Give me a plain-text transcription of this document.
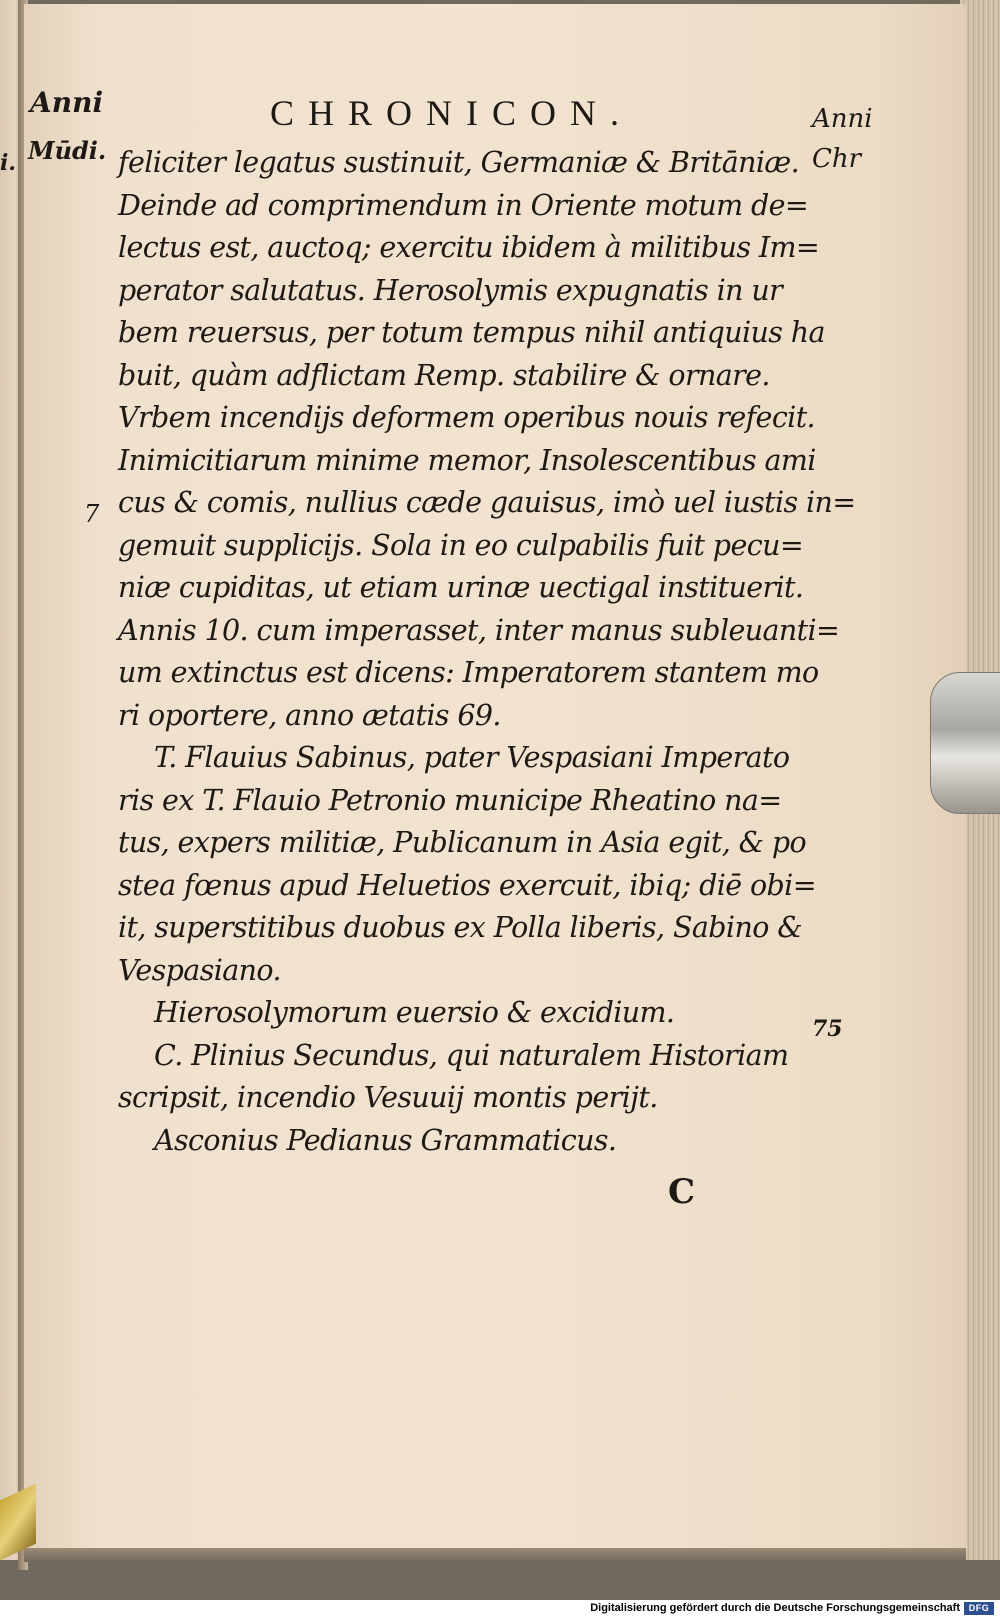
Anni
Mūdi.
i.
7
Anni
Chr
75
CHRONICON.
feliciter legatus sustinuit, Germaniæ & Britāniæ.
Deinde ad comprimendum in Oriente motum de=
lectus est, auctoq; exercitu ibidem à militibus Im=
perator salutatus. Herosolymis expugnatis in ur
bem reuersus, per totum tempus nihil antiquius ha
buit, quàm adflictam Remp. stabilire & ornare.
Vrbem incendijs deformem operibus nouis refecit.
Inimicitiarum minime memor, Insolescentibus ami
cus & comis, nullius cæde gauisus, imò uel iustis in=
gemuit supplicijs. Sola in eo culpabilis fuit pecu=
niæ cupiditas, ut etiam urinæ uectigal instituerit.
Annis 10. cum imperasset, inter manus subleuanti=
um extinctus est dicens: Imperatorem stantem mo
ri oportere, anno ætatis 69.
T. Flauius Sabinus, pater Vespasiani Imperato
ris ex T. Flauio Petronio municipe Rheatino na=
tus, expers militiæ, Publicanum in Asia egit, & po
stea fœnus apud Heluetios exercuit, ibiq; diē obi=
it, superstitibus duobus ex Polla liberis, Sabino &
Vespasiano.
Hierosolymorum euersio & excidium.
C. Plinius Secundus, qui naturalem Historiam
scripsit, incendio Vesuuij montis perijt.
Asconius Pedianus Grammaticus.
C
Digitalisierung gefördert durch die Deutsche Forschungsgemeinschaft DFG
